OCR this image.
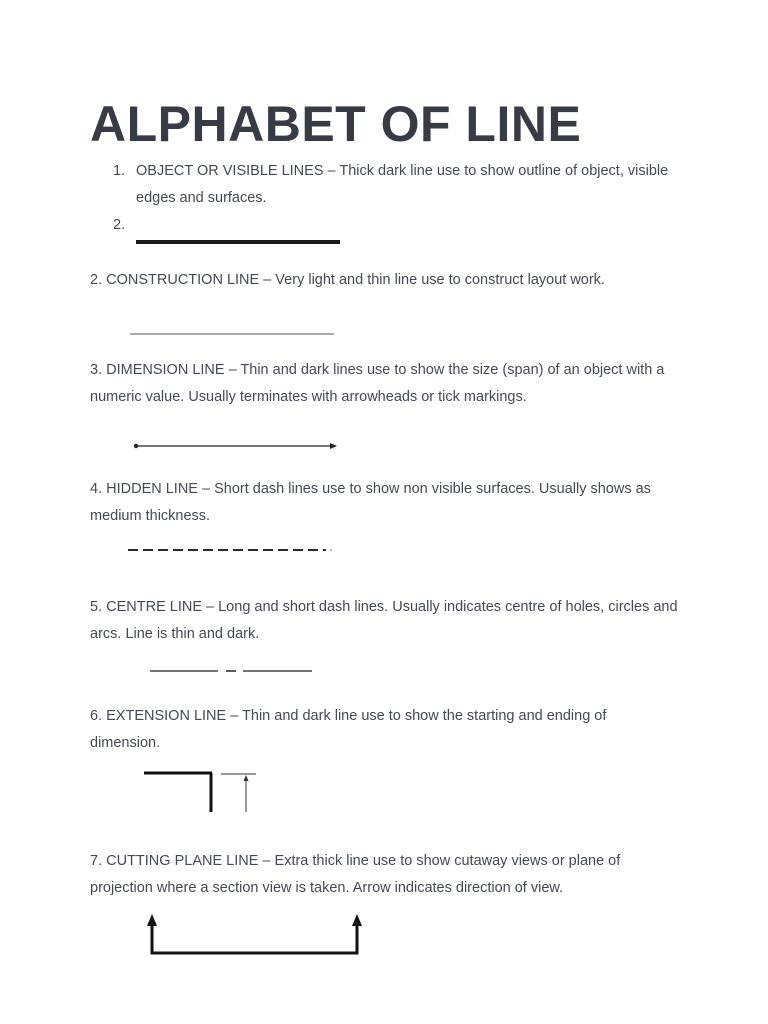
ALPHABET OF LINE
1. OBJECT OR VISIBLE LINES – Thick dark line use to show outline of object, visible edges and surfaces.

2.

2. CONSTRUCTION LINE – Very light and thin line use to construct layout work.

3. DIMENSION LINE – Thin and dark lines use to show the size (span) of an object with a numeric value. Usually terminates with arrowheads or tick markings.

4. HIDDEN LINE – Short dash lines use to show non visible surfaces. Usually shows as medium thickness.

5. CENTRE LINE – Long and short dash lines. Usually indicates centre of holes, circles and arcs. Line is thin and dark.

6. EXTENSION LINE – Thin and dark line use to show the starting and ending of dimension.

7. CUTTING PLANE LINE – Extra thick line use to show cutaway views or plane of projection where a section view is taken. Arrow indicates direction of view.
